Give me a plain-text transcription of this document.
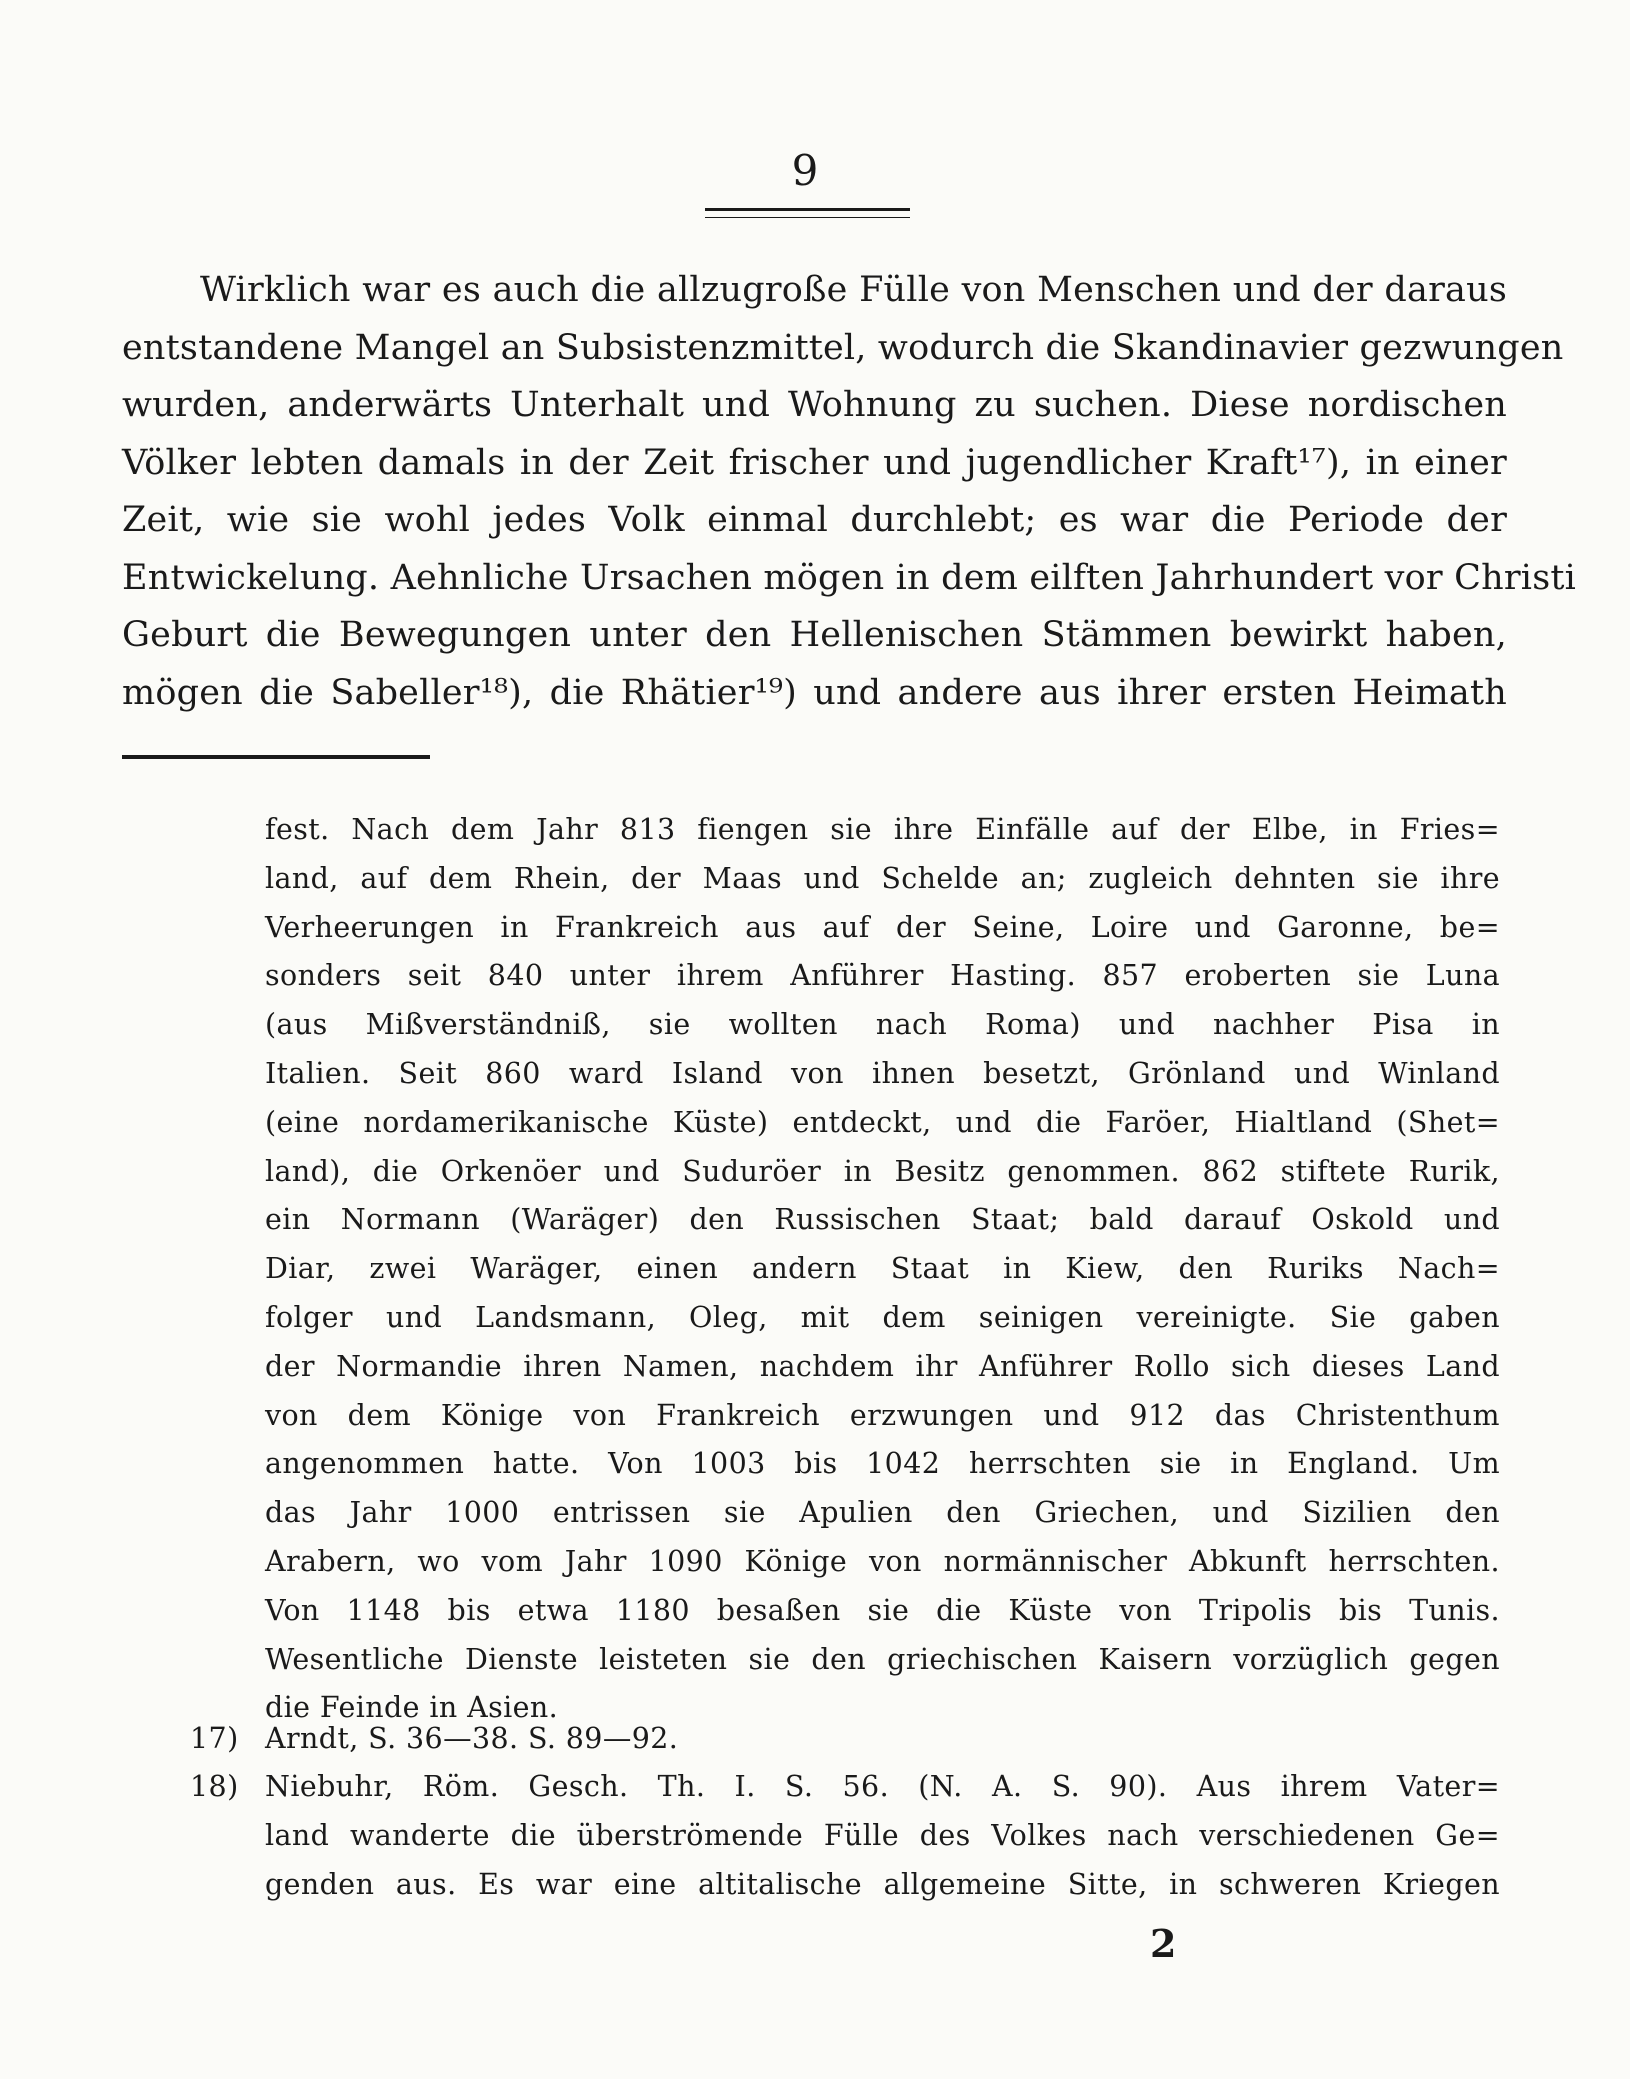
9
Wirklich war es auch die allzugroße Fülle von Menschen und der daraus
entstandene Mangel an Subsistenzmittel, wodurch die Skandinavier gezwungen
wurden, anderwärts Unterhalt und Wohnung zu suchen. Diese nordischen
Völker lebten damals in der Zeit frischer und jugendlicher Kraft¹⁷), in einer
Zeit, wie sie wohl jedes Volk einmal durchlebt; es war die Periode der
Entwickelung. Aehnliche Ursachen mögen in dem eilften Jahrhundert vor Christi
Geburt die Bewegungen unter den Hellenischen Stämmen bewirkt haben,
mögen die Sabeller¹⁸), die Rhätier¹⁹) und andere aus ihrer ersten Heimath
fest. Nach dem Jahr 813 fiengen sie ihre Einfälle auf der Elbe, in Fries=
land, auf dem Rhein, der Maas und Schelde an; zugleich dehnten sie ihre
Verheerungen in Frankreich aus auf der Seine, Loire und Garonne, be=
sonders seit 840 unter ihrem Anführer Hasting. 857 eroberten sie Luna
(aus Mißverständniß, sie wollten nach Roma) und nachher Pisa in
Italien. Seit 860 ward Island von ihnen besetzt, Grönland und Winland
(eine nordamerikanische Küste) entdeckt, und die Faröer, Hialtland (Shet=
land), die Orkenöer und Suduröer in Besitz genommen. 862 stiftete Rurik,
ein Normann (Waräger) den Russischen Staat; bald darauf Oskold und
Diar, zwei Waräger, einen andern Staat in Kiew, den Ruriks Nach=
folger und Landsmann, Oleg, mit dem seinigen vereinigte. Sie gaben
der Normandie ihren Namen, nachdem ihr Anführer Rollo sich dieses Land
von dem Könige von Frankreich erzwungen und 912 das Christenthum
angenommen hatte. Von 1003 bis 1042 herrschten sie in England. Um
das Jahr 1000 entrissen sie Apulien den Griechen, und Sizilien den
Arabern, wo vom Jahr 1090 Könige von normännischer Abkunft herrschten.
Von 1148 bis etwa 1180 besaßen sie die Küste von Tripolis bis Tunis.
Wesentliche Dienste leisteten sie den griechischen Kaisern vorzüglich gegen
die Feinde in Asien.
17) Arndt, S. 36—38. S. 89—92.
18) Niebuhr, Röm. Gesch. Th. I. S. 56. (N. A. S. 90). Aus ihrem Vater=
land wanderte die überströmende Fülle des Volkes nach verschiedenen Ge=
genden aus. Es war eine altitalische allgemeine Sitte, in schweren Kriegen
2
